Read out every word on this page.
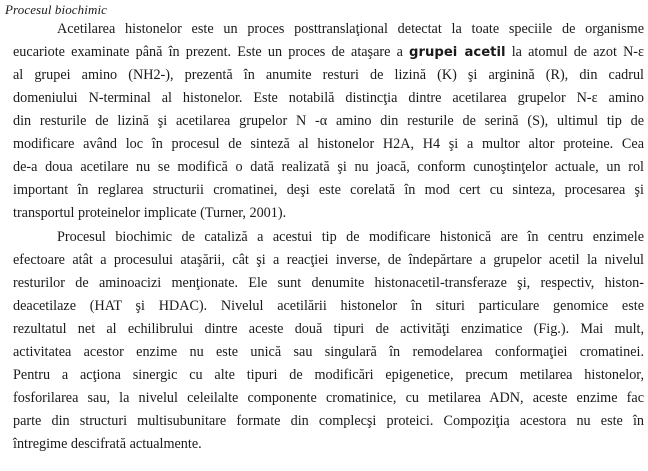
Procesul biochimic
Acetilarea histonelor este un proces posttranslaţional detectat la toate speciile de organisme
eucariote examinate până în prezent. Este un proces de ataşare a grupei acetil la atomul de azot N-ε
al grupei amino (NH2-), prezentă în anumite resturi de lizină (K) şi arginină (R), din cadrul
domeniului N-terminal al histonelor. Este notabilă distincţia dintre acetilarea grupelor N-ε amino
din resturile de lizină şi acetilarea grupelor N -α amino din resturile de serină (S), ultimul tip de
modificare având loc în procesul de sinteză al histonelor H2A, H4 şi a multor altor proteine. Cea
de-a doua acetilare nu se modifică o dată realizată şi nu joacă, conform cunoştinţelor actuale, un rol
important în reglarea structurii cromatinei, deşi este corelată în mod cert cu sinteza, procesarea şi
transportul proteinelor implicate (Turner, 2001).
Procesul biochimic de cataliză a acestui tip de modificare histonică are în centru enzimele
efectoare atât a procesului ataşării, cât şi a reacţiei inverse, de îndepărtare a grupelor acetil la nivelul
resturilor de aminoacizi menţionate. Ele sunt denumite histonacetil-transferaze şi, respectiv, histon-
deacetilaze (HAT şi HDAC). Nivelul acetilării histonelor în situri particulare genomice este
rezultatul net al echilibrului dintre aceste două tipuri de activităţi enzimatice (Fig.). Mai mult,
activitatea acestor enzime nu este unică sau singulară în remodelarea conformaţiei cromatinei.
Pentru a acţiona sinergic cu alte tipuri de modificări epigenetice, precum metilarea histonelor,
fosforilarea sau, la nivelul celeilalte componente cromatinice, cu metilarea ADN, aceste enzime fac
parte din structuri multisubunitare formate din complecşi proteici. Compoziţia acestora nu este în
întregime descifrată actualmente.
